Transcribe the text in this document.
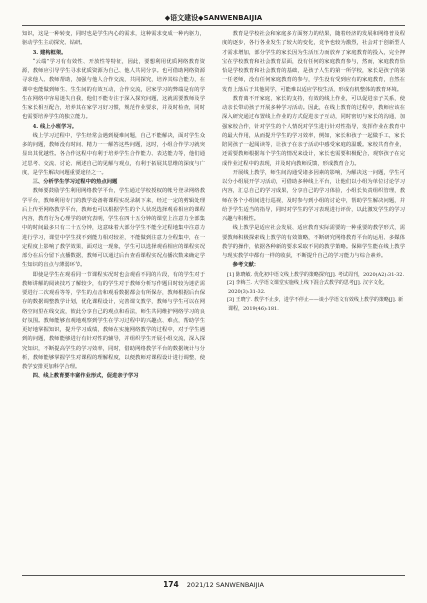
◆语文建设◆SANWENBAIJIA

知识，这是一种转变，同时也是学生内心的需求，这种需求变成一种内驱力，驱动学生主动探究、钻研。

3. 建构框架。

“云端”学习有有效性、开放性等特征，因此，要想利用优质网络教育资源，教师应引导学生寻求优质资源为自己、他人共同分享。也可借助网络资源寻求他人、教师帮助，加强与他人合作交流，共同探究，培养其综合能力，在课中也能做到师生、生生间的有效互动，合作交流，居家学习的弊端是有的学生在网络中容易迷失自我，他们不能专注于深入探究问题，这就需要教师及学生家长相互配合，培养其在家学习好习惯，规范作业要求，并及时检查，同时也需要培养学生的独立能力。

4. 线上小班学习。

线上学习过程中，学生经常会遇到疑难问题，自己不能解决，面对学生众多的问题，教师没有时间、精力一一解答这些问题，这时，小组合作学习就突显出其优越性。各合作这程中有利于培养学生合作能力、表达能力等，他们通过思考、交流、讨论、阐述自己的见解与观点，有利于拓展其思维的深度与广度，是学生解决问题重要途径之一。

三、分析学生学习过程中的热点问题

教师要鼓励学生利用网络教学平台，学生通过学校授权的帐号登录网络教学平台，教师利用专门的教学设备将课程实况录制下来，经过一定的剪辑处理后上传至网络教学平台，教师也可以根据学生的个人状况选择观看相应的课程内容，教育行为心理学的研究表明，学生在四十五分钟的课堂上注意力全部集中的时间最多只有二十五分钟，这意味着大部分学生不能全过程地集中注意力进行学习，课堂中学生找不到能力相对较差，不能做到注意力全程集中，在一定程度上影响了教学效果，面对这一现象，学生可以选择观看相应的课程实况部分在后分留下点播数据，教师可以通过后台查看课程实况点播次数来确定学生知识的盲点与薄弱环节。

即使是学生在观看同一节课程实况时也会观看不同的片段，有的学生对于教师讲解的阅读技巧了解较少，有的学生对于教师分析写作题目时较为迷茫需要进行二次观看等等，学生的点击和观看数据都会有所保存，教师根据后台保存的数据调整教学计划，优化课程设计，完善课文教学，教师与学生可以在网络空间里在线交流，彼此分享自己的观点和看法，师生共同维护网络学习的良好氛围。教师能够直观地观察到学生在学习过程中的兴趣点、难点，帮助学生更好地掌握知识，提升学习成绩，教师在实施网络教学的过程中，对于学生遇到的问题，教师能够进行有针对性的辅导，并组织学生开展小组交流，深入探究知识，不断提高学生的学习效率，同时，借助网络教学平台的数据统计与分析，教师能够掌握学生对课程的理解程度，以便教师对课程设计进行调整，使教学安排更加科学合理。

四、线上教育要丰富作业形式，促进亲子学习

教育是学校社会和家庭多方面努力的结果，随着经济的发展和网络普及程度的逐步，各行各业发生了较大的变化，竞争也较为激烈，社会对于创新型人才需求增加，部分学生的家长因为生活压力而放弃了家庭教育的投入，完全押宝在学校教育和社会教育层面，没有任何的家庭教育参与，然而，家庭教育恰恰是学校教育和社会教育的基础，是孩子人生的第一所学校，家长是孩子的第一任老师，没有任何家庭教育的参与，学生没有受到应有的家庭教育，自然在发育上落后于其他同学，可能难以适应学校生活，形成有机整体的教育环境。

教育离不开家庭，家长的支持，有效的线上作业，可以促进亲子关系，使动亲长带动孩子开展多种学习活动。因此，在线上教育的过程中，教师应该在深入研究通过布置线上作业的方式促进亲子互动，同时密切与家长的沟通，加强家校合作，针对学生的个人情况对学生进行针对性指导，发挥作业在教育中的最大作用，从而提升学生的学习效率，例如，家长和孩子一起做手工，家长陪同孩子一起阅读等，让孩子在亲子活动中感受家庭的温暖。家校共育作业，还需要教师根据每个学生的情况来设计，家长也需要积极配合，观察孩子在完成作业过程中的表现，并及时向教师反馈，形成教育合力。

开展线上教学，师生间沟通受诸多因素的影响，为解决这一问题，学生可以分小组展开学习活动，可借助多种线上平台，让他们以小组为单位讨论学习内容，汇总自己的学习成果，分享自己的学习体验，小组长负责组织管理，教师在各个小组间进行巡视，及时参与到小组的讨论中，帮助学生解决问题，并给予学生适当的指导，同时对学生的学习表现进行评价，以此激发学生的学习兴趣与积极性。

线上教学是适应社会发展、适应教育实际需要的一种重要的教学形式，需要教师积极探索线上教学的有效策略，不断研究网络教育平台的运用、多媒体教学的操作，依据各种新的要求采取不同的教学策略。保障学生能在线上教学与现实教学中都有一样的收获，不断提升自己的学习能力与综合素养。

参考文献：

[1] 陈晓敏. 优化初中语文线上教学的策略探究[J]. 考试周刊，2020(A2):31-32.

[2] 李梅兰. 大学语文课堂实施线上线下混合式教学的思考[J]. 汉字文化，2020(3):31-32.

[3] 王晓宁. 教学不止步，进学不停止——谈小学语文有效线上教学的策略[J]. 新课程，2019(46):181.

174 2021/12 SANWENBAIJIA
